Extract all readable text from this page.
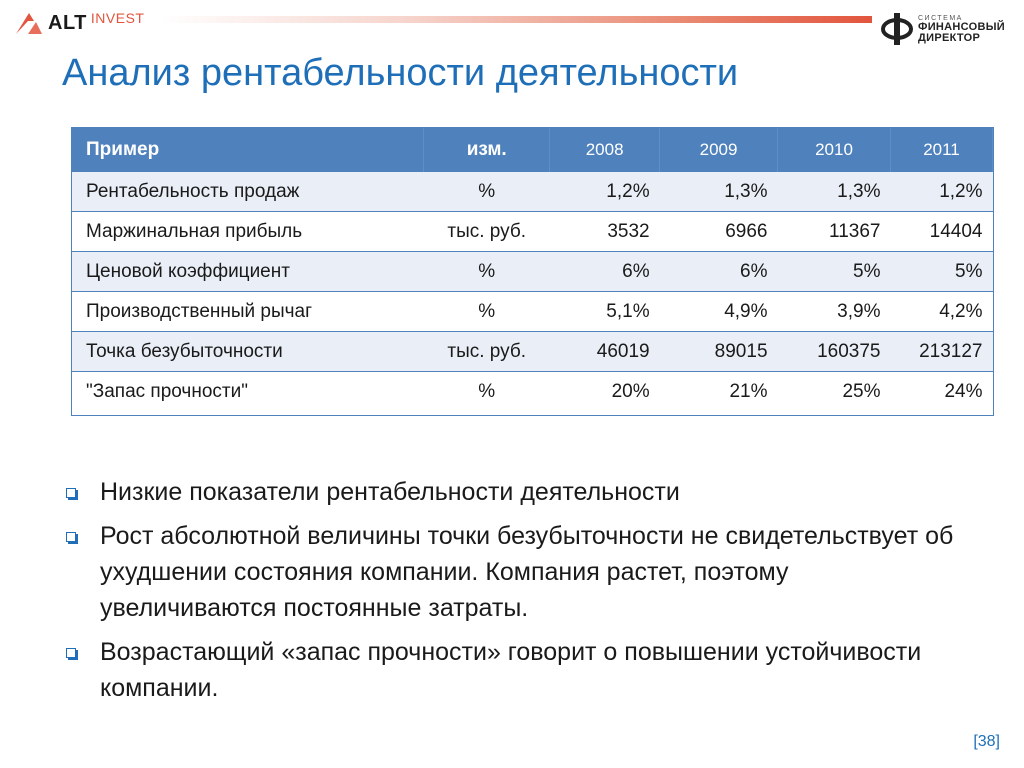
ALT INVEST	СИСТЕМА
ФИНАНСОВЫЙ
ДИРЕКТОР
Анализ рентабельности деятельности
Пример	изм.	2008	2009	2010	2011
Рентабельность продаж	%	1,2%	1,3%	1,3%	1,2%
Маржинальная прибыль	тыс. руб.	3532	6966	11367	14404
Ценовой коэффициент	%	6%	6%	5%	5%
Производственный рычаг	%	5,1%	4,9%	3,9%	4,2%
Точка безубыточности	тыс. руб.	46019	89015	160375	213127
"Запас прочности"	%	20%	21%	25%	24%
Низкие показатели рентабельности деятельности
Рост абсолютной величины точки безубыточности не свидетельствует об ухудшении состояния компании. Компания растет, поэтому увеличиваются постоянные затраты.
Возрастающий «запас прочности» говорит о повышении устойчивости компании.
[38]
